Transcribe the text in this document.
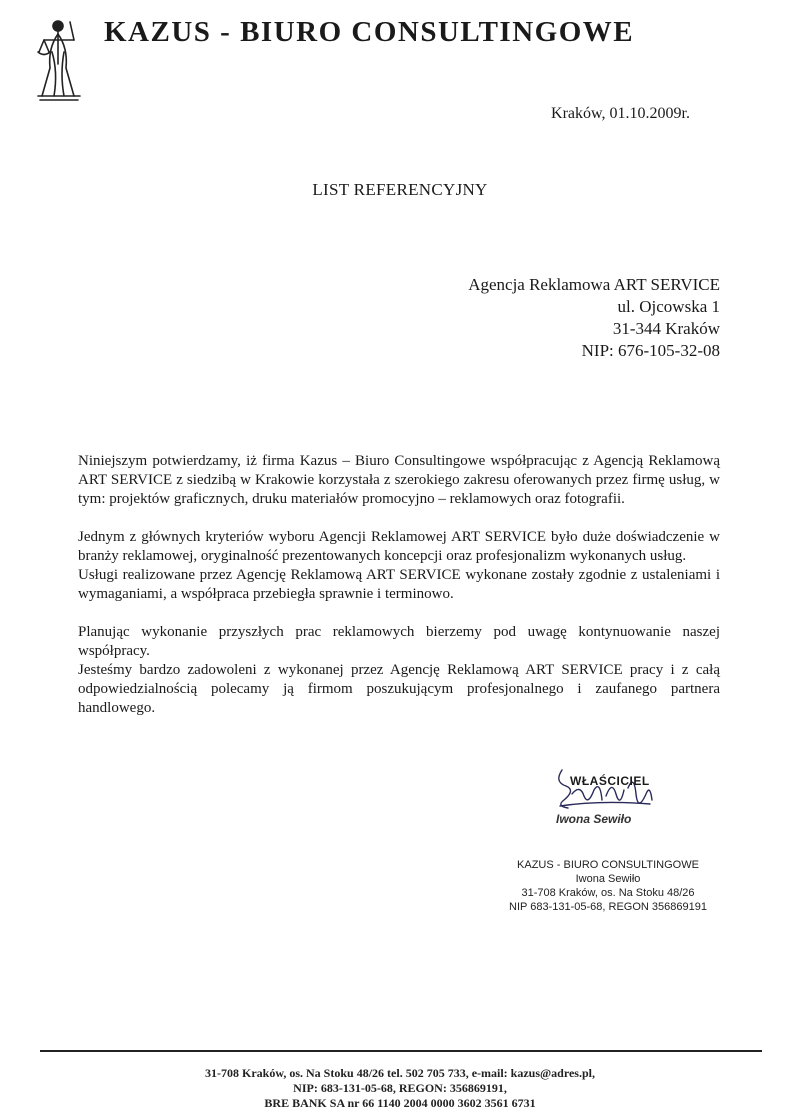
KAZUS - BIURO CONSULTINGOWE
Kraków, 01.10.2009r.
LIST REFERENCYJNY
Agencja Reklamowa ART SERVICE
ul. Ojcowska 1
31-344 Kraków
NIP: 676-105-32-08

Niniejszym potwierdzamy, iż firma Kazus – Biuro Consultingowe współpracując z Agencją Reklamową ART SERVICE z siedzibą w Krakowie korzystała z szerokiego zakresu oferowanych przez firmę usług, w tym: projektów graficznych, druku materiałów promocyjno – reklamowych oraz fotografii.

Jednym z głównych kryteriów wyboru Agencji Reklamowej ART SERVICE było duże doświadczenie w branży reklamowej, oryginalność prezentowanych koncepcji oraz profesjonalizm wykonanych usług.

Usługi realizowane przez Agencję Reklamową ART SERVICE wykonane zostały zgodnie z ustaleniami i wymaganiami, a współpraca przebiegła sprawnie i terminowo.

Planując wykonanie przyszłych prac reklamowych bierzemy pod uwagę kontynuowanie naszej współpracy.

Jesteśmy bardzo zadowoleni z wykonanej przez Agencję Reklamową ART SERVICE pracy i z całą odpowiedzialnością polecamy ją firmom poszukującym profesjonalnego i zaufanego partnera handlowego.

WŁAŚCICIEL
Iwona Sewiło
KAZUS - BIURO CONSULTINGOWE
Iwona Sewiło
31-708 Kraków, os. Na Stoku 48/26
NIP 683-131-05-68, REGON 356869191
31-708 Kraków, os. Na Stoku 48/26 tel. 502 705 733, e-mail: kazus@adres.pl,
NIP: 683-131-05-68, REGON: 356869191,
BRE BANK SA nr 66 1140 2004 0000 3602 3561 6731
